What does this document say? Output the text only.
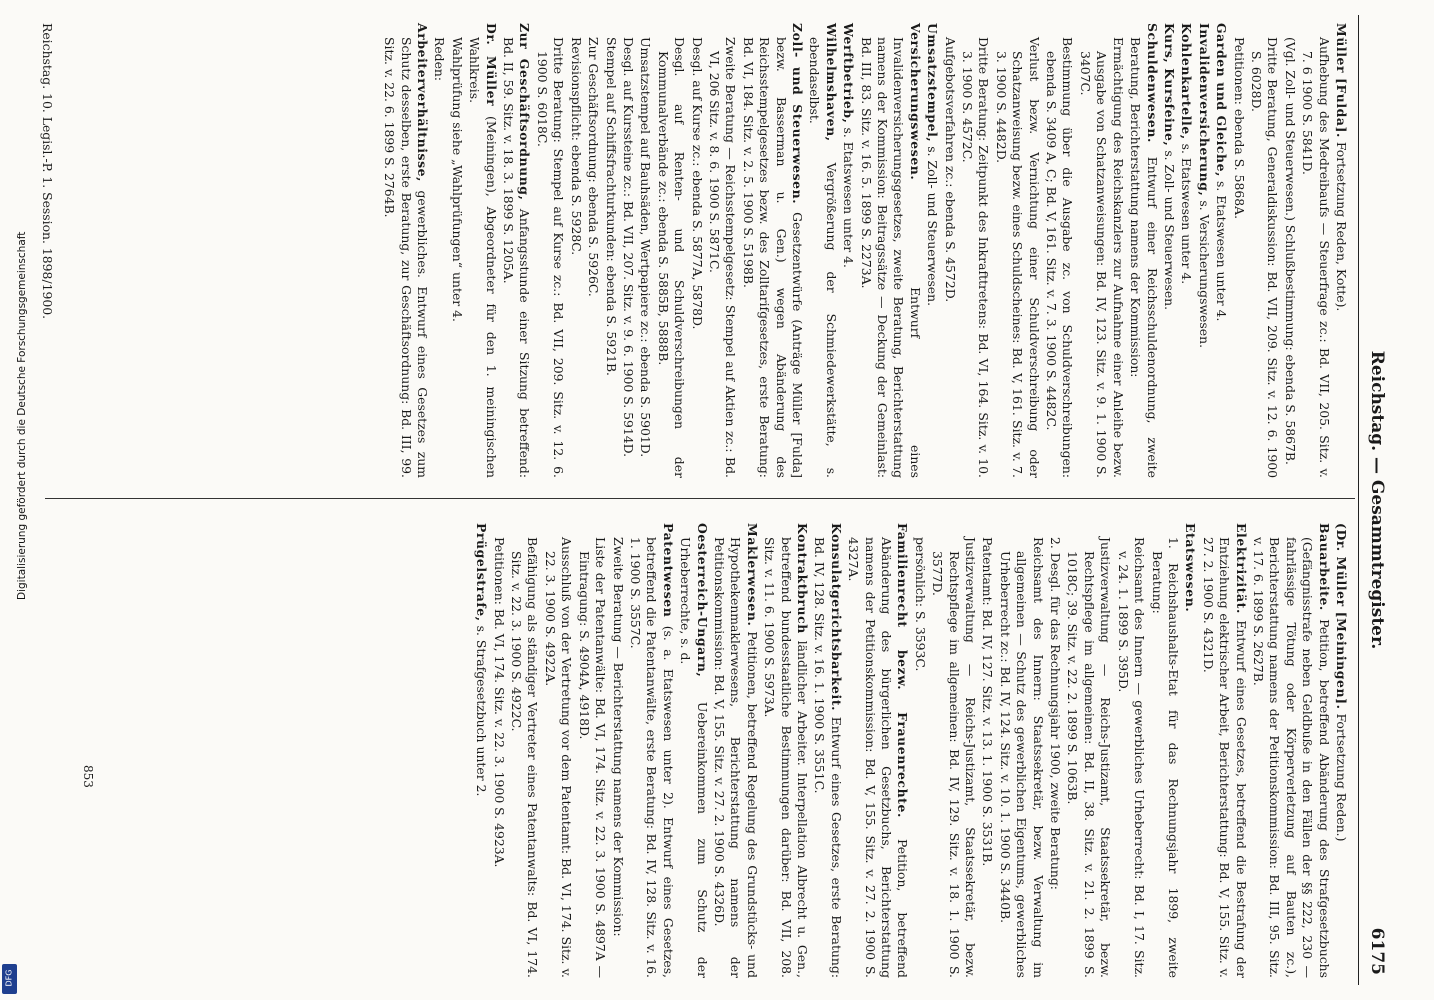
Digitalisierung gefördert durch die Deutsche Forschungsgemeinschaft
DFG
Reichstag. — Gesammtregister.
6175
Müller [Fulda]. Fortsetzung Reden, Kotte).
Aufhebung des Medreibaufs — Steuerfrage zc.: Bd. VII, 205. Sitz. v. 7. 6 1900 S. 5841D.
(Vgl. Zoll- und Steuerwesen.) Schlußbestimmung: ebenda S. 5867B.
Dritte Beratung, Generaldiskussion: Bd. VII, 209. Sitz. v. 12. 6. 1900 S. 6028D.
Petitionen: ebenda S. 5868A.
Garden und Gleiche, s. Etatswesen unter 4.
Invalidenversicherung, s. Versicherungswesen.
Kohlenkartelle, s. Etatswesen unter 4.
Kurs, Kursfeine, s. Zoll- und Steuerwesen.
Schuldenwesen. Entwurf einer Reichsschuldenordnung, zweite Beratung, Berichterstattung namens der Kommission:
Ermächtigung des Reichskanzlers zur Aufnahme einer Anleihe bezw. Ausgabe von Schatzanweisungen: Bd. IV, 123. Sitz. v. 9. 1. 1900 S. 3407C.
Bestimmung über die Ausgabe zc. von Schuldverschreibungen: ebenda S. 3409 A, C; Bd. V, 161. Sitz. v. 7. 3. 1900 S. 4482C.
Verlust bezw. Vernichtung einer Schuldverschreibung oder Schatzanweisung bezw. eines Schuldscheines: Bd. V, 161. Sitz. v. 7. 3. 1900 S. 4482D.
Dritte Beratung: Zeitpunkt des Inkrafttretens: Bd. VI, 164. Sitz. v. 10. 3. 1900 S. 4572C.
Aufgebotsverfahren zc.: ebenda S. 4572D.
Umsatzstempel, s. Zoll- und Steuerwesen.
Versicherungswesen. Entwurf eines Invalidenversicherungsgesetzes, zweite Beratung, Berichterstattung namens der Kommission: Beitragssätze — Deckung der Gemeinlast: Bd. III, 83. Sitz. v. 16. 5. 1899 S. 2273A.
Werftbetrieb, s. Etatswesen unter 4.
Wilhelmshaven, Vergrößerung der Schmiedewerkstätte, s. ebendaselbst.
Zoll- und Steuerwesen. Gesetzentwürfe (Anträge Müller [Fulda] bezw. Basserman u. Gen.) wegen Abänderung des Reichsstempelgesetzes bezw. des Zolltarifgesetzes, erste Beratung: Bd. VI, 184. Sitz. v. 2. 5. 1900 S. 5198B.
Zweite Beratung — Reichsstempelgesetz: Stempel auf Aktien zc.: Bd. VI, 206 Sitz. v. 8. 6. 1900 S. 5871C.
Desgl. auf Kurse zc.: ebenda S. 5877A, 5878D.
Desgl. auf Renten- und Schuldverschreibungen der Kommunalverbände zc.: ebenda S. 5885B, 5888B.
Umsatzstempel auf Bauhsäden, Wertpapiere zc.: ebenda S. 5901D.
Desgl. auf Kurssteine zc.: Bd. VII, 207. Sitz. v. 9. 6. 1900 S. 5914D.
Stempel auf Schiffsfrachturkunden: ebenda S. 5921B.
Zur Geschäftsordnung: ebenda S. 5926C.
Revisionspflicht: ebenda S. 5928C.
Dritte Beratung: Stempel auf Kurse zc.: Bd. VII, 209. Sitz. v. 12. 6. 1900 S. 6018C.
Zur Geschäftsordnung, Anfangsstunde einer Sitzung betreffend: Bd. II, 59. Sitz. v. 18. 3. 1899 S. 1205A.
Dr. Müller (Meiningen), Abgeordneter für den 1. meiningischen Wahlkreis.
Wahlprüfung siehe „Wahlprüfungen“ unter 4.
Reden:
Arbeiterverhältnisse, gewerbliches. Entwurf eines Gesetzes zum Schutz desselben, erste Beratung, zur Geschäftsordnung: Bd. III, 99. Sitz. v. 22. 6. 1899 S. 2764B.
(Dr. Müller [Meiningen]. Fortsetzung Reden.)
Bauarbeite. Petition, betreffend Abänderung des Strafgesetzbuchs (Gefängnisstrafe neben Geldbuße in den Fällen der §§ 222, 230 — fahrlässige Tötung oder Körperverletzung auf Bauten zc.), Berichterstattung namens der Petitionskommission: Bd. III, 95. Sitz. v. 17. 6. 1899 S. 2627B.
Elektrizität. Entwurf eines Gesetzes, betreffend die Bestrafung der Entziehung elektrischer Arbeit, Berichterstattung: Bd. V, 155. Sitz. v. 27. 2. 1900 S. 4321D.
Etatswesen.
1. Reichshaushalts-Etat für das Rechnungsjahr 1899, zweite Beratung:
Reichsamt des Innern — gewerbliches Urheberrecht: Bd. I, 17. Sitz. v. 24. 1. 1899 S. 395D.
Justizverwaltung — Reichs-Justizamt, Staatssekretär, bezw. Rechtspflege im allgemeinen: Bd. II, 38. Sitz. v. 21. 2. 1899 S. 1018C; 39. Sitz. v. 22. 2. 1899 S. 1063B.
2. Desgl. für das Rechnungsjahr 1900, zweite Beratung:
Reichsamt des Innern: Staatssekretär, bezw. Verwaltung im allgemeinen — Schutz des gewerblichen Eigentums, gewerbliches Urheberrecht zc.: Bd. IV, 124. Sitz. v. 10. 1. 1900 S. 3440B.
Patentamt: Bd. IV, 127. Sitz. v. 13. 1. 1900 S. 3531B.
Justizverwaltung — Reichs-Justizamt, Staatssekretär, bezw. Rechtspflege im allgemeinen: Bd. IV, 129. Sitz. v. 18. 1. 1900 S. 3577D.
persönlich: S. 3593C.
Familienrecht bezw. Frauenrechte. Petition, betreffend Abänderung des bürgerlichen Gesetzbuchs, Berichterstattung namens der Petitionskommission: Bd. V, 155. Sitz. v. 27. 2. 1900 S. 4327A.
Konsulatgerichtsbarkeit. Entwurf eines Gesetzes, erste Beratung: Bd. IV, 128. Sitz. v. 16. 1. 1900 S. 3551C.
Kontraktbruch ländlicher Arbeiter. Interpellation Albrecht u. Gen., betreffend bundesstaatliche Bestimmungen darüber: Bd. VII, 208. Sitz. v. 11. 6. 1900 S. 5973A.
Maklerwesen. Petitionen, betreffend Regelung des Grundstücks- und Hypothekenmaklerwesens, Berichterstattung namens der Petitionskommission: Bd. V, 155. Sitz. v. 27. 2. 1900 S. 4326D.
Oesterreich-Ungarn, Uebereinkommen zum Schutz der Urheberrechte, s. d.
Patentwesen (s. a. Etatswesen unter 2). Entwurf eines Gesetzes, betreffend die Patentanwälte, erste Beratung: Bd. IV, 128. Sitz. v. 16. 1. 1900 S. 3557C.
Zweite Beratung — Berichterstattung namens der Kommission:
Liste der Patentanwälte: Bd. VI, 174. Sitz. v. 22. 3. 1900 S. 4897A — Eintragung: S. 4904A, 4918D.
Ausschluß von der Vertretung vor dem Patentamt: Bd. VI, 174. Sitz. v. 22. 3. 1900 S. 4922A.
Befähigung als ständiger Vertreter eines Patentanwalts: Bd. VI, 174. Sitz. v. 22. 3. 1900 S. 4922C.
Petitionen: Bd. VI, 174. Sitz. v. 22. 3. 1900 S. 4923A.
Prügelstrafe, s. Strafgesetzbuch unter 2.
853
Reichstag. 10. Legisl.-P. 1. Session. 1898/1900.
